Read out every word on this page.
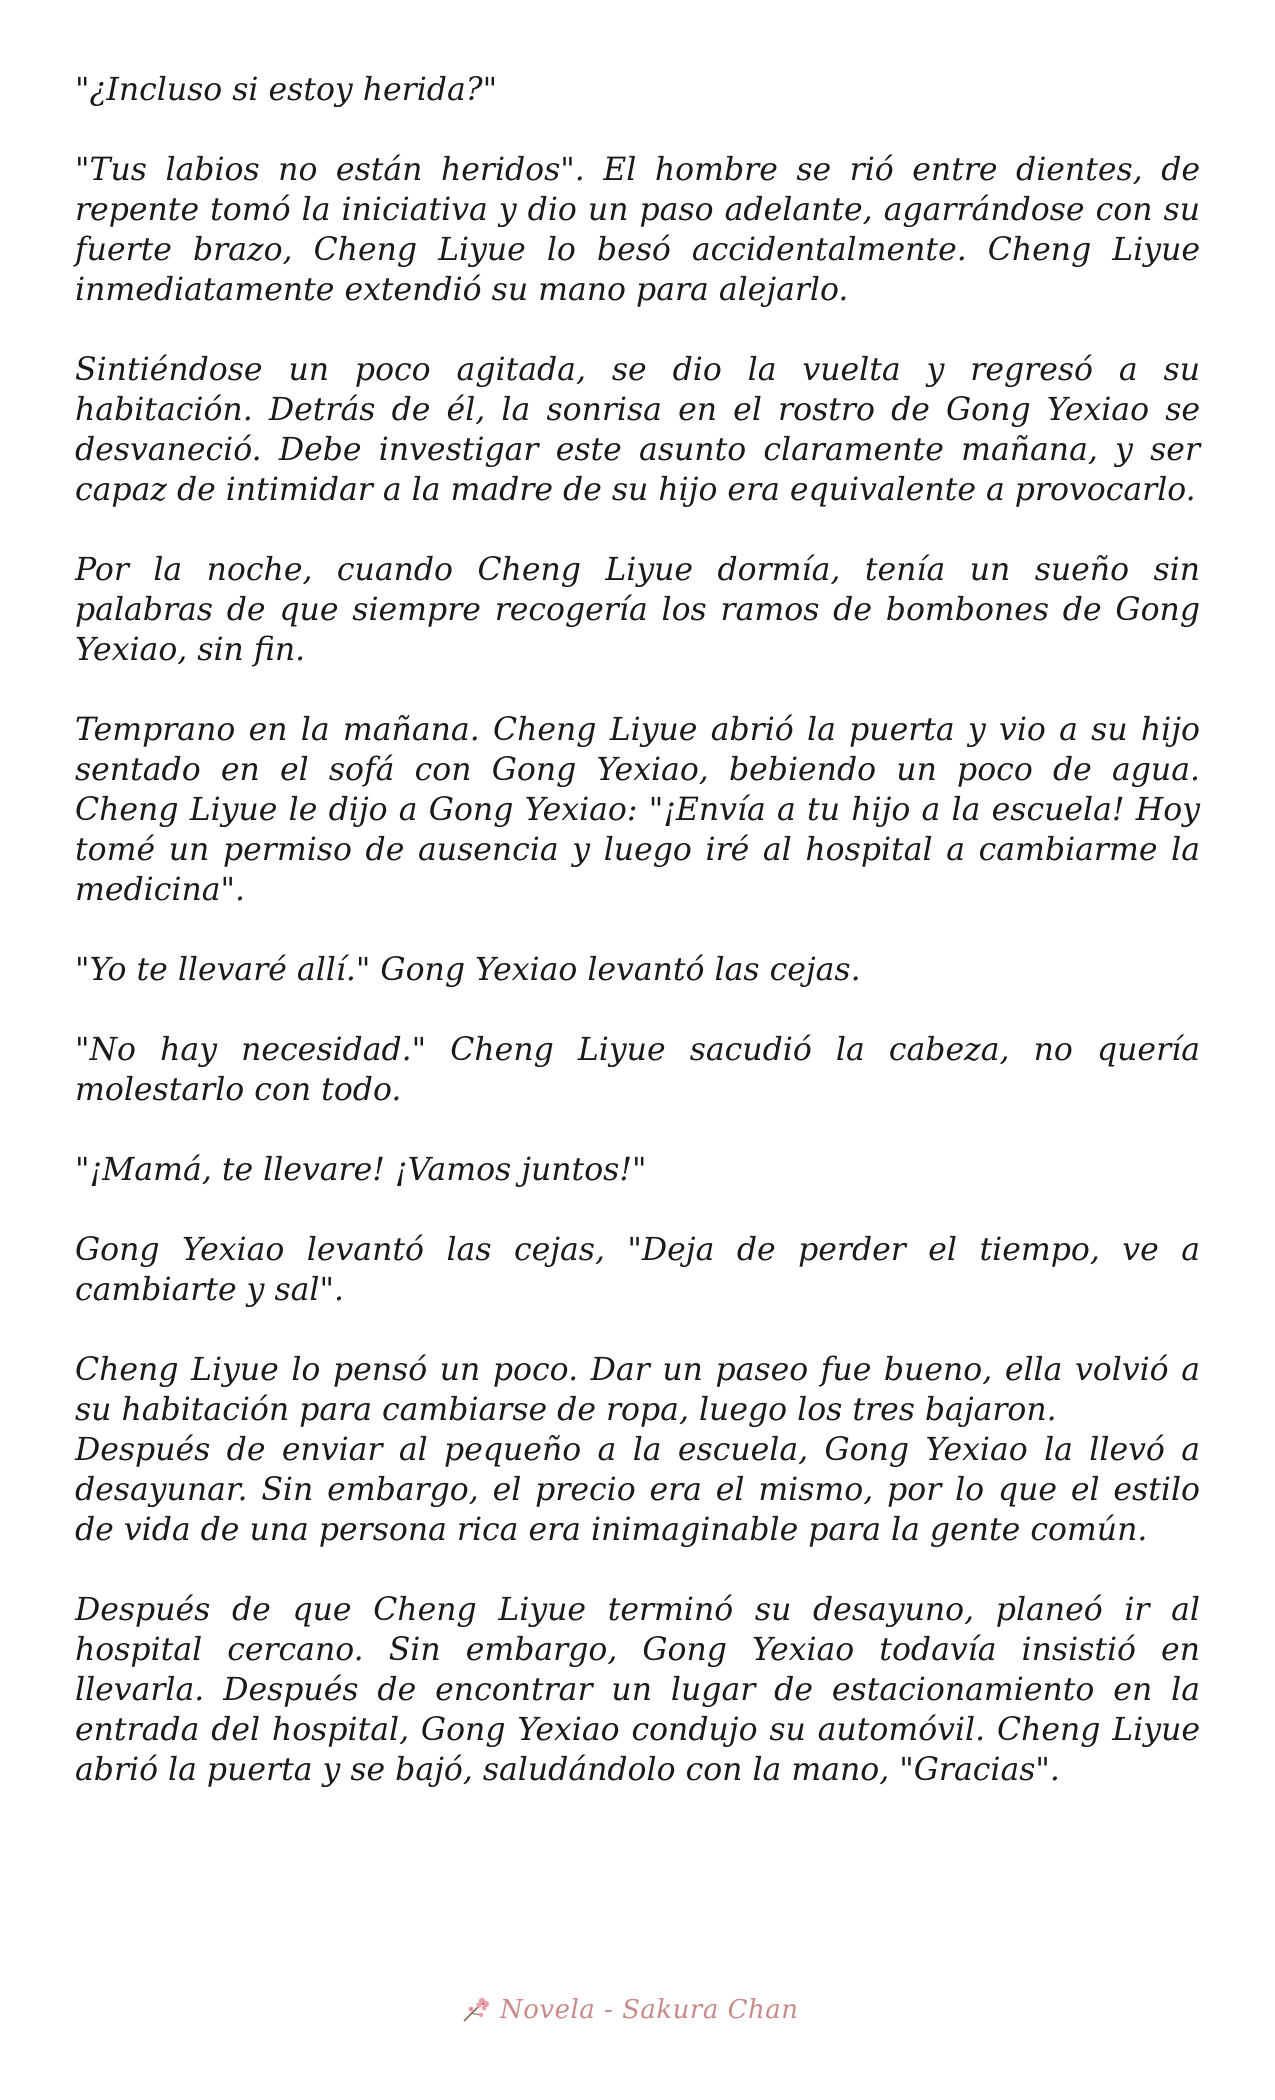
"¿Incluso si estoy herida?"

"Tus labios no están heridos". El hombre se rió entre dientes, de repente tomó la iniciativa y dio un paso adelante, agarrándose con su fuerte brazo, Cheng Liyue lo besó accidentalmente. Cheng Liyue inmediatamente extendió su mano para alejarlo.

Sintiéndose un poco agitada, se dio la vuelta y regresó a su habitación. Detrás de él, la sonrisa en el rostro de Gong Yexiao se desvaneció. Debe investigar este asunto claramente mañana, y ser capaz de intimidar a la madre de su hijo era equivalente a provocarlo.

Por la noche, cuando Cheng Liyue dormía, tenía un sueño sin palabras de que siempre recogería los ramos de bombones de Gong Yexiao, sin fin.

Temprano en la mañana. Cheng Liyue abrió la puerta y vio a su hijo sentado en el sofá con Gong Yexiao, bebiendo un poco de agua. Cheng Liyue le dijo a Gong Yexiao: "¡Envía a tu hijo a la escuela! Hoy tomé un permiso de ausencia y luego iré al hospital a cambiarme la medicina".

"Yo te llevaré allí." Gong Yexiao levantó las cejas.

"No hay necesidad." Cheng Liyue sacudió la cabeza, no quería molestarlo con todo.

"¡Mamá, te llevare! ¡Vamos juntos!"

Gong Yexiao levantó las cejas, "Deja de perder el tiempo, ve a cambiarte y sal".

Cheng Liyue lo pensó un poco. Dar un paseo fue bueno, ella volvió a su habitación para cambiarse de ropa, luego los tres bajaron.
Después de enviar al pequeño a la escuela, Gong Yexiao la llevó a desayunar. Sin embargo, el precio era el mismo, por lo que el estilo de vida de una persona rica era inimaginable para la gente común.

Después de que Cheng Liyue terminó su desayuno, planeó ir al hospital cercano. Sin embargo, Gong Yexiao todavía insistió en llevarla. Después de encontrar un lugar de estacionamiento en la entrada del hospital, Gong Yexiao condujo su automóvil. Cheng Liyue abrió la puerta y se bajó, saludándolo con la mano, "Gracias".

Novela - Sakura Chan
